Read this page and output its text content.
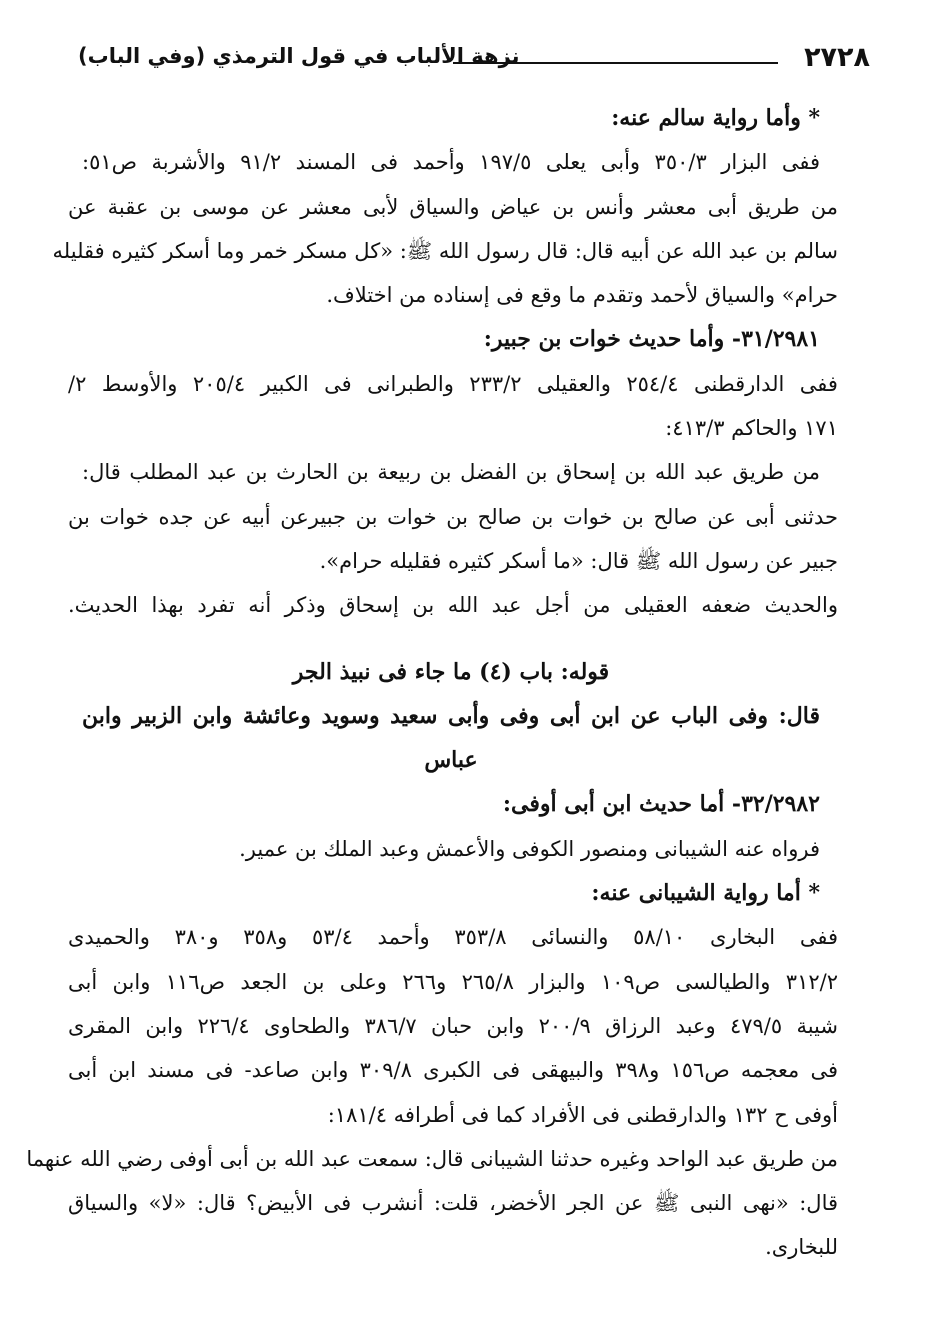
٢٧٢٨
نزهة الألباب في قول الترمذي (وفي الباب)
* وأما رواية سالم عنه:
ففى البزار ٣٥٠/٣ وأبى يعلى ١٩٧/٥ وأحمد فى المسند ٩١/٢ والأشربة ص٥١:
من طريق أبى معشر وأنس بن عياض والسياق لأبى معشر عن موسى بن عقبة عن
سالم بن عبد الله عن أبيه قال: قال رسول الله ﷺ: «كل مسكر خمر وما أسكر كثيره فقليله
حرام» والسياق لأحمد وتقدم ما وقع فى إسناده من اختلاف.
٣١/٢٩٨١- وأما حديث خوات بن جبير:
ففى الدارقطنى ٢٥٤/٤ والعقيلى ٢٣٣/٢ والطبرانى فى الكبير ٢٠٥/٤ والأوسط ٢/
١٧١ والحاكم ٤١٣/٣:
من طريق عبد الله بن إسحاق بن الفضل بن ربيعة بن الحارث بن عبد المطلب قال:
حدثنى أبى عن صالح بن خوات بن صالح بن خوات بن جبيرعن أبيه عن جده خوات بن
جبير عن رسول الله ﷺ قال: «ما أسكر كثيره فقليله حرام».
والحديث ضعفه العقيلى من أجل عبد الله بن إسحاق وذكر أنه تفرد بهذا الحديث.
قوله: باب (٤) ما جاء فى نبيذ الجر
قال: وفى الباب عن ابن أبى وفى وأبى سعيد وسويد وعائشة وابن الزبير وابن
عباس
٣٢/٢٩٨٢- أما حديث ابن أبى أوفى:
فرواه عنه الشيبانى ومنصور الكوفى والأعمش وعبد الملك بن عمير.
* أما رواية الشيبانى عنه:
ففى البخارى ٥٨/١٠ والنسائى ٣٥٣/٨ وأحمد ٥٣/٤ و٣٥٨ و٣٨٠ والحميدى
٣١٢/٢ والطيالسى ص١٠٩ والبزار ٢٦٥/٨ و٢٦٦ وعلى بن الجعد ص١١٦ وابن أبى
شيبة ٤٧٩/٥ وعبد الرزاق ٢٠٠/٩ وابن حبان ٣٨٦/٧ والطحاوى ٢٢٦/٤ وابن المقرى
فى معجمه ص١٥٦ و٣٩٨ والبيهقى فى الكبرى ٣٠٩/٨ وابن صاعد- فى مسند ابن أبى
أوفى ح ١٣٢ والدارقطنى فى الأفراد كما فى أطرافه ١٨١/٤:
من طريق عبد الواحد وغيره حدثنا الشيبانى قال: سمعت عبد الله بن أبى أوفى رضي الله عنهما
قال: «نهى النبى ﷺ عن الجر الأخضر، قلت: أنشرب فى الأبيض؟ قال: «لا» والسياق
للبخارى.
